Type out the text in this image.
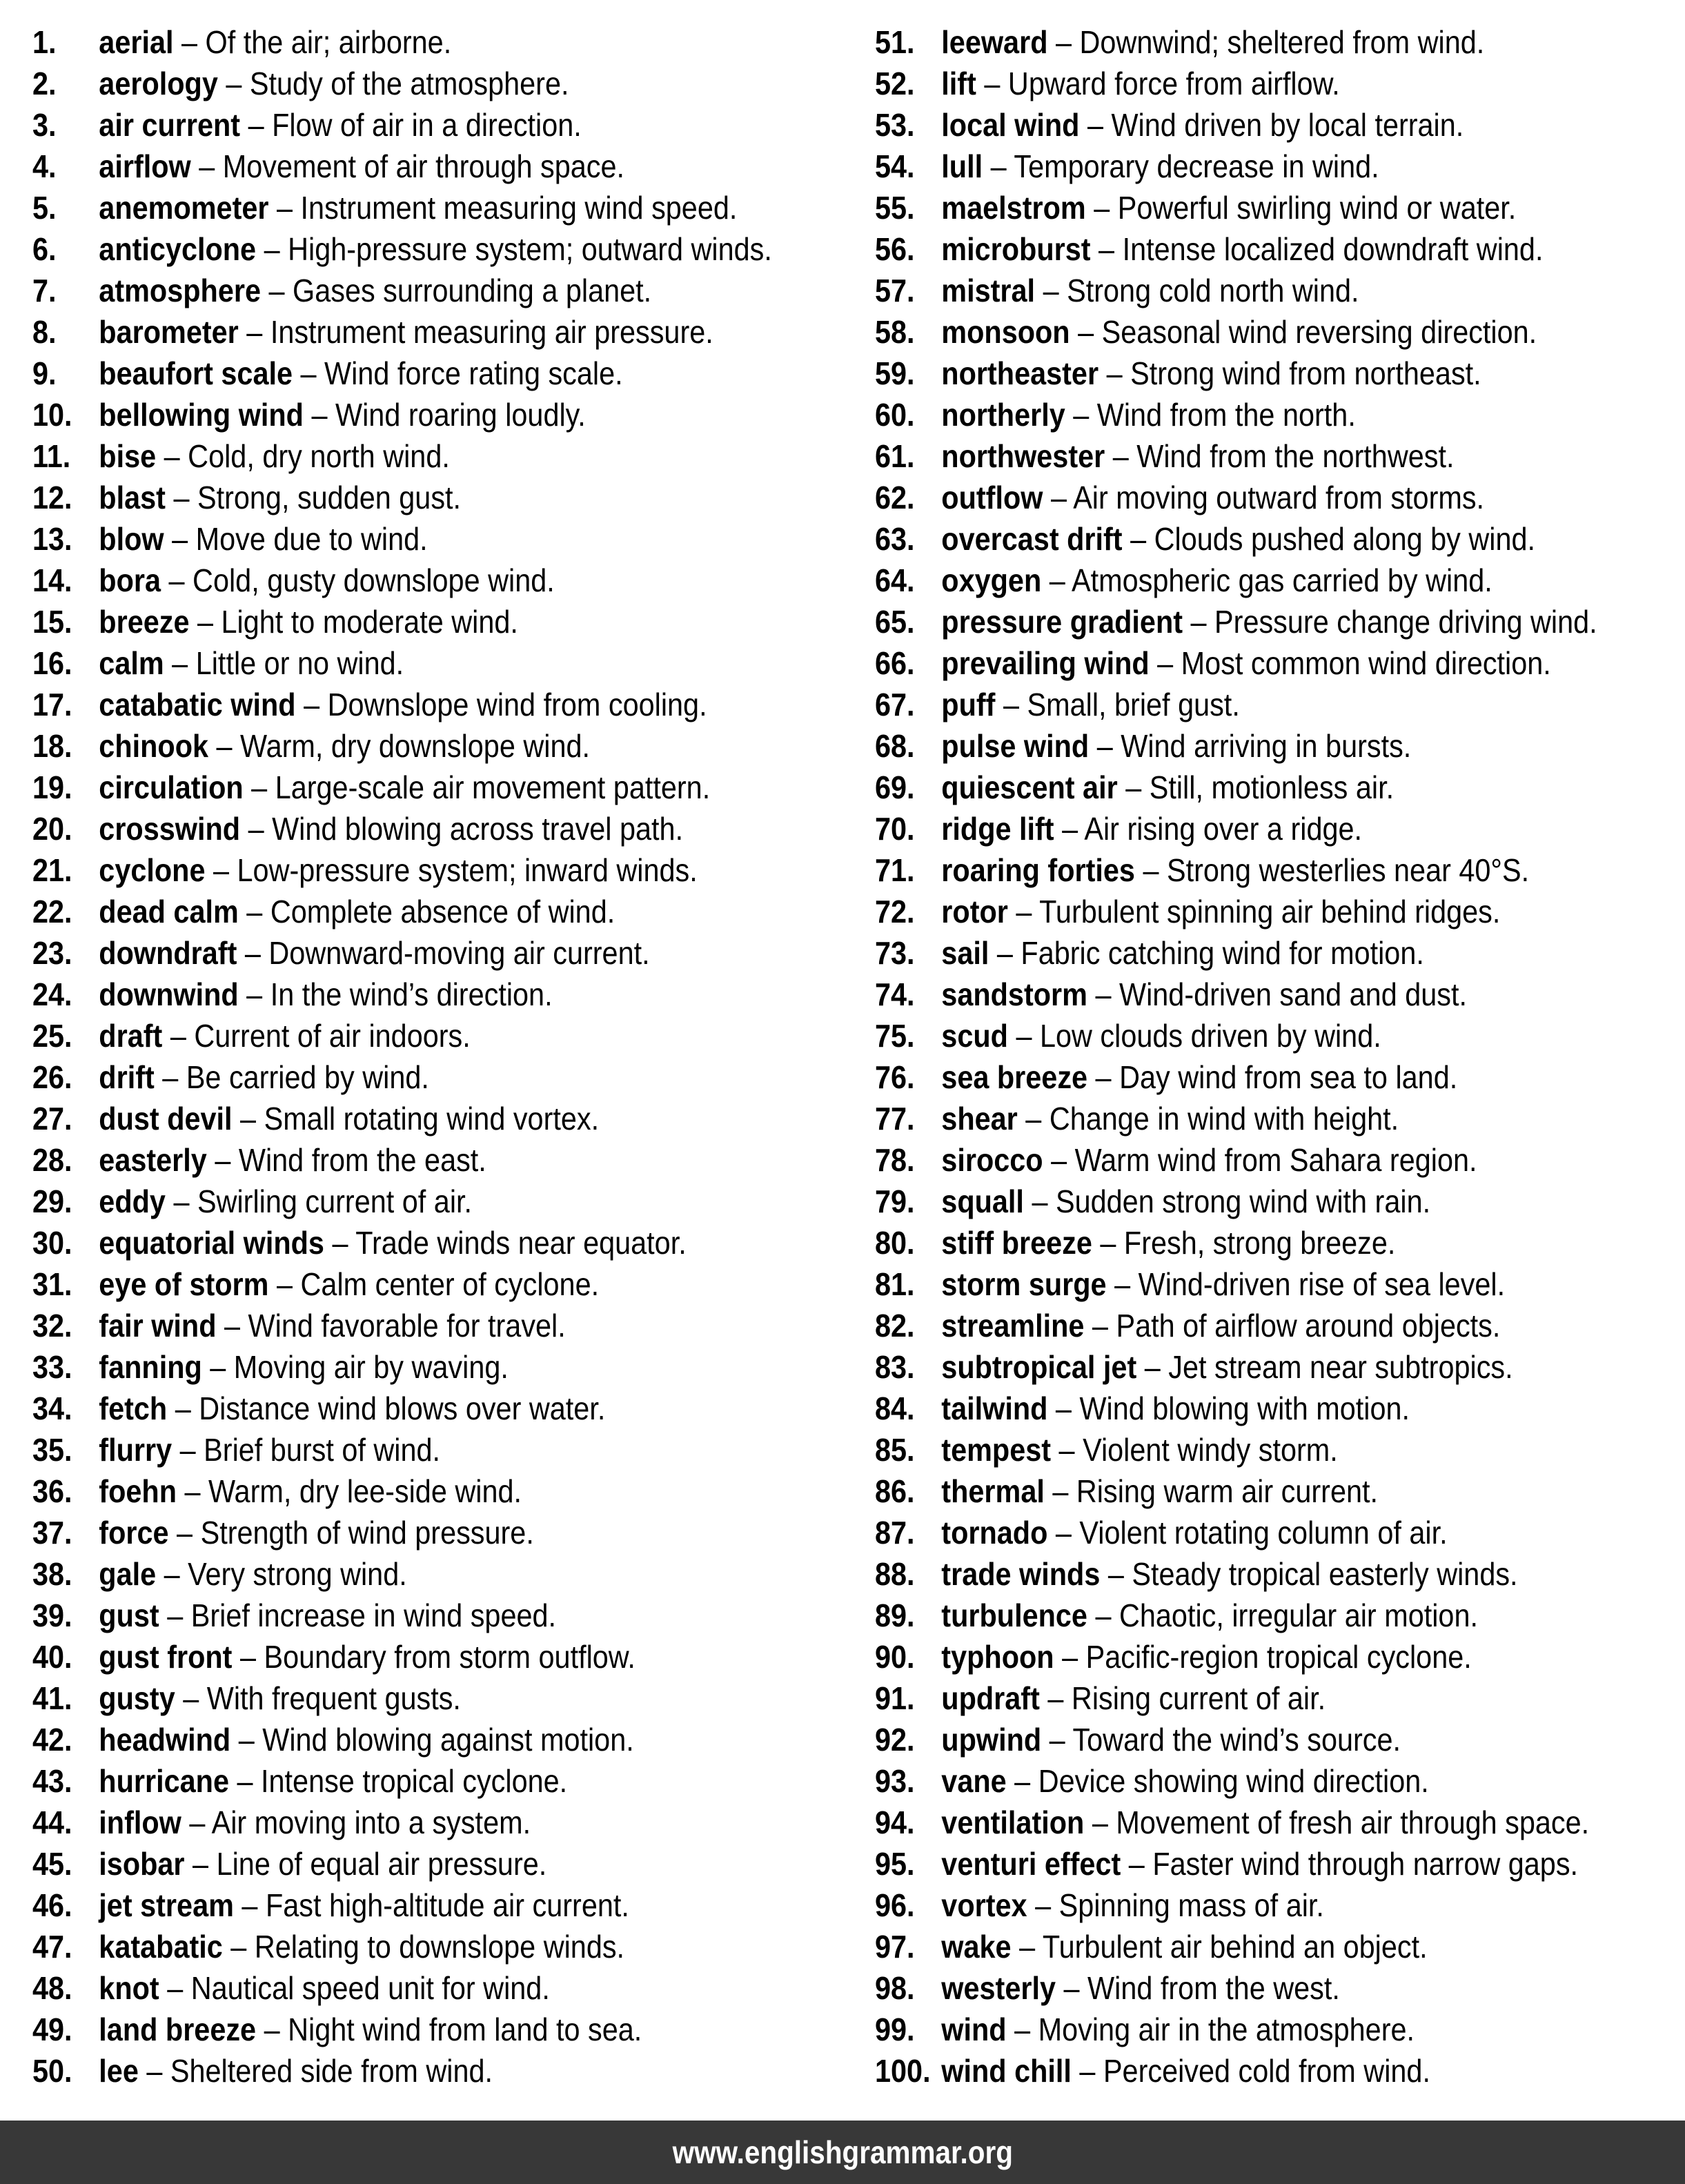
1. aerial – Of the air; airborne.
2. aerology – Study of the atmosphere.
3. air current – Flow of air in a direction.
4. airflow – Movement of air through space.
5. anemometer – Instrument measuring wind speed.
6. anticyclone – High-pressure system; outward winds.
7. atmosphere – Gases surrounding a planet.
8. barometer – Instrument measuring air pressure.
9. beaufort scale – Wind force rating scale.
10. bellowing wind – Wind roaring loudly.
11. bise – Cold, dry north wind.
12. blast – Strong, sudden gust.
13. blow – Move due to wind.
14. bora – Cold, gusty downslope wind.
15. breeze – Light to moderate wind.
16. calm – Little or no wind.
17. catabatic wind – Downslope wind from cooling.
18. chinook – Warm, dry downslope wind.
19. circulation – Large-scale air movement pattern.
20. crosswind – Wind blowing across travel path.
21. cyclone – Low-pressure system; inward winds.
22. dead calm – Complete absence of wind.
23. downdraft – Downward-moving air current.
24. downwind – In the wind’s direction.
25. draft – Current of air indoors.
26. drift – Be carried by wind.
27. dust devil – Small rotating wind vortex.
28. easterly – Wind from the east.
29. eddy – Swirling current of air.
30. equatorial winds – Trade winds near equator.
31. eye of storm – Calm center of cyclone.
32. fair wind – Wind favorable for travel.
33. fanning – Moving air by waving.
34. fetch – Distance wind blows over water.
35. flurry – Brief burst of wind.
36. foehn – Warm, dry lee-side wind.
37. force – Strength of wind pressure.
38. gale – Very strong wind.
39. gust – Brief increase in wind speed.
40. gust front – Boundary from storm outflow.
41. gusty – With frequent gusts.
42. headwind – Wind blowing against motion.
43. hurricane – Intense tropical cyclone.
44. inflow – Air moving into a system.
45. isobar – Line of equal air pressure.
46. jet stream – Fast high-altitude air current.
47. katabatic – Relating to downslope winds.
48. knot – Nautical speed unit for wind.
49. land breeze – Night wind from land to sea.
50. lee – Sheltered side from wind.
51. leeward – Downwind; sheltered from wind.
52. lift – Upward force from airflow.
53. local wind – Wind driven by local terrain.
54. lull – Temporary decrease in wind.
55. maelstrom – Powerful swirling wind or water.
56. microburst – Intense localized downdraft wind.
57. mistral – Strong cold north wind.
58. monsoon – Seasonal wind reversing direction.
59. northeaster – Strong wind from northeast.
60. northerly – Wind from the north.
61. northwester – Wind from the northwest.
62. outflow – Air moving outward from storms.
63. overcast drift – Clouds pushed along by wind.
64. oxygen – Atmospheric gas carried by wind.
65. pressure gradient – Pressure change driving wind.
66. prevailing wind – Most common wind direction.
67. puff – Small, brief gust.
68. pulse wind – Wind arriving in bursts.
69. quiescent air – Still, motionless air.
70. ridge lift – Air rising over a ridge.
71. roaring forties – Strong westerlies near 40°S.
72. rotor – Turbulent spinning air behind ridges.
73. sail – Fabric catching wind for motion.
74. sandstorm – Wind-driven sand and dust.
75. scud – Low clouds driven by wind.
76. sea breeze – Day wind from sea to land.
77. shear – Change in wind with height.
78. sirocco – Warm wind from Sahara region.
79. squall – Sudden strong wind with rain.
80. stiff breeze – Fresh, strong breeze.
81. storm surge – Wind-driven rise of sea level.
82. streamline – Path of airflow around objects.
83. subtropical jet – Jet stream near subtropics.
84. tailwind – Wind blowing with motion.
85. tempest – Violent windy storm.
86. thermal – Rising warm air current.
87. tornado – Violent rotating column of air.
88. trade winds – Steady tropical easterly winds.
89. turbulence – Chaotic, irregular air motion.
90. typhoon – Pacific-region tropical cyclone.
91. updraft – Rising current of air.
92. upwind – Toward the wind’s source.
93. vane – Device showing wind direction.
94. ventilation – Movement of fresh air through space.
95. venturi effect – Faster wind through narrow gaps.
96. vortex – Spinning mass of air.
97. wake – Turbulent air behind an object.
98. westerly – Wind from the west.
99. wind – Moving air in the atmosphere.
100. wind chill – Perceived cold from wind.
www.englishgrammar.org
